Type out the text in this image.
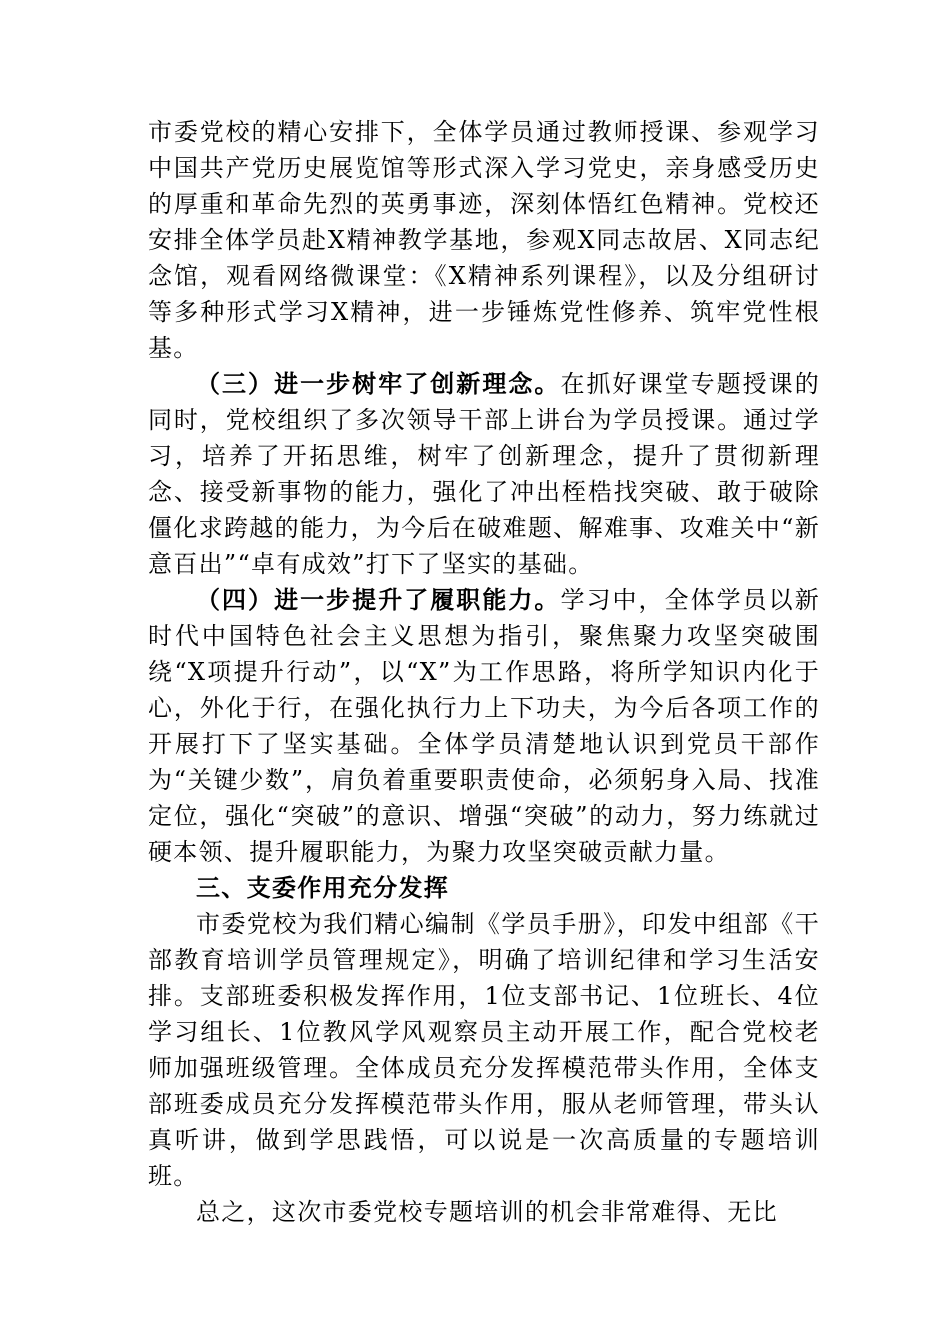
市委党校的精心安排下，全体学员通过教师授课、参观学习中国共产党历史展览馆等形式深入学习党史，亲身感受历史的厚重和革命先烈的英勇事迹，深刻体悟红色精神。党校还安排全体学员赴X精神教学基地，参观X同志故居、X同志纪念馆，观看网络微课堂：《X精神系列课程》，以及分组研讨等多种形式学习X精神，进一步锤炼党性修养、筑牢党性根基。

（三）进一步树牢了创新理念。在抓好课堂专题授课的同时，党校组织了多次领导干部上讲台为学员授课。通过学习，培养了开拓思维，树牢了创新理念，提升了贯彻新理念、接受新事物的能力，强化了冲出桎梏找突破、敢于破除僵化求跨越的能力，为今后在破难题、解难事、攻难关中“新意百出”“卓有成效”打下了坚实的基础。

（四）进一步提升了履职能力。学习中，全体学员以新时代中国特色社会主义思想为指引，聚焦聚力攻坚突破围绕“X项提升行动”，以“X”为工作思路，将所学知识内化于心，外化于行，在强化执行力上下功夫，为今后各项工作的开展打下了坚实基础。全体学员清楚地认识到党员干部作为“关键少数”，肩负着重要职责使命，必须躬身入局、找准定位，强化“突破”的意识、增强“突破”的动力，努力练就过硬本领、提升履职能力，为聚力攻坚突破贡献力量。

三、支委作用充分发挥

市委党校为我们精心编制《学员手册》，印发中组部《干部教育培训学员管理规定》，明确了培训纪律和学习生活安排。支部班委积极发挥作用，1位支部书记、1位班长、4位学习组长、1位教风学风观察员主动开展工作，配合党校老师加强班级管理。全体成员充分发挥模范带头作用，全体支部班委成员充分发挥模范带头作用，服从老师管理，带头认真听讲，做到学思践悟，可以说是一次高质量的专题培训班。

总之，这次市委党校专题培训的机会非常难得、无比
